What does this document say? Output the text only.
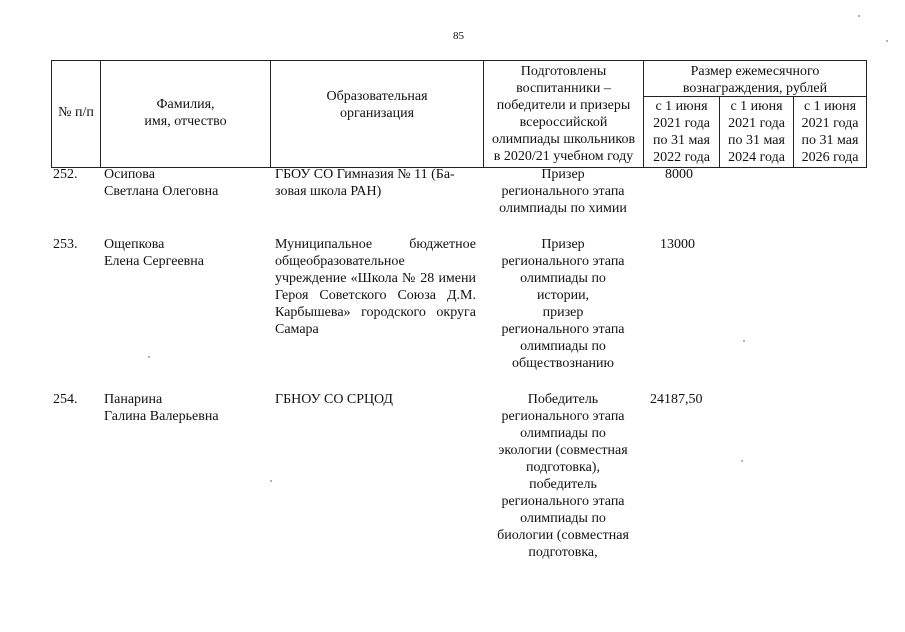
85
№ п/п
Фамилия,
имя, отчество
Образовательная
организация
Подготовлены
воспитанники –
победители и призеры
всероссийской
олимпиады школьников
в 2020/21 учебном году
Размер ежемесячного
вознаграждения, рублей
с 1 июня
2021 года
по 31 мая
2022 года
с 1 июня
2021 года
по 31 мая
2024 года
с 1 июня
2021 года
по 31 мая
2026 года
252. Осипова
Светлана Олеговна
ГБОУ СО Гимназия № 11 (Ба-
зовая школа РАН)
Призер
регионального этапа
олимпиады по химии
8000
253. Ощепкова
Елена Сергеевна
Муниципальное бюджетное общеобразовательное учреждение «Школа № 28 имени Героя Советского Союза Д.М. Карбышева» городского округа Самара
Призер
регионального этапа
олимпиады по
истории,
призер
регионального этапа
олимпиады по
обществознанию
13000
254. Панарина
Галина Валерьевна
ГБНОУ СО СРЦОД	Победитель
регионального этапа
олимпиады по
экологии (совместная
подготовка),
победитель
регионального этапа
олимпиады по
биологии (совместная
подготовка,
24187,50
